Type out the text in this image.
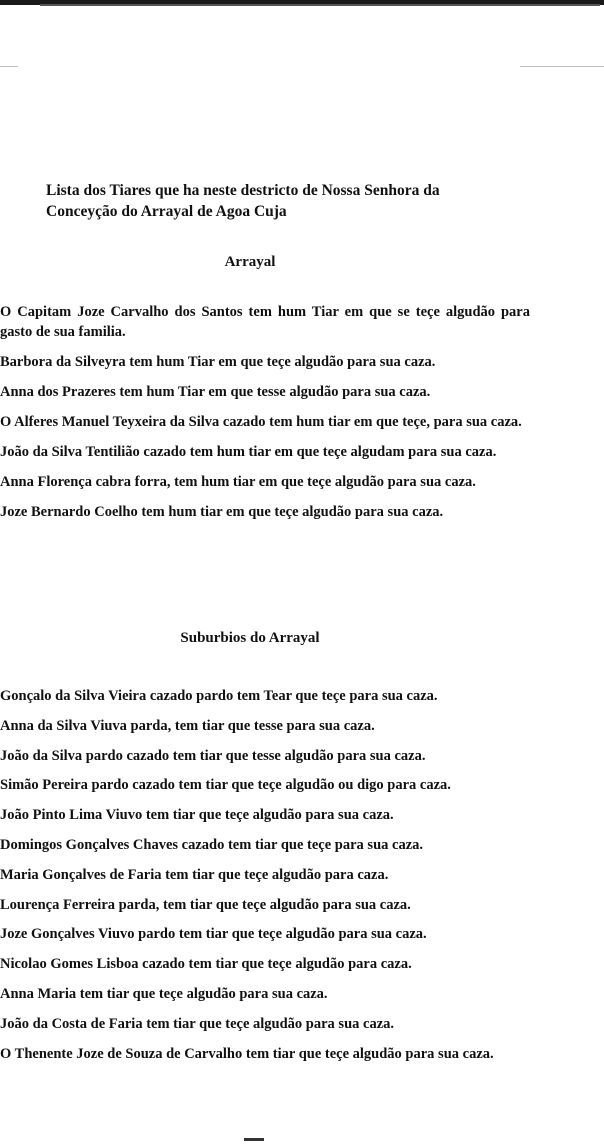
Lista dos Tiares que ha neste destricto de Nossa Senhora da Conceyção do Arrayal de Agoa Cuja

Arrayal

O Capitam Joze Carvalho dos Santos tem hum Tiar em que se teçe algudão para gasto de sua familia.
Barbora da Silveyra tem hum Tiar em que teçe algudão para sua caza.
Anna dos Prazeres tem hum Tiar em que tesse algudão para sua caza.
O Alferes Manuel Teyxeira da Silva cazado tem hum tiar em que teçe, para sua caza.
João da Silva Tentilião cazado tem hum tiar em que teçe algudam para sua caza.
Anna Florença cabra forra, tem hum tiar em que teçe algudão para sua caza.
Joze Bernardo Coelho tem hum tiar em que teçe algudão para sua caza.

Suburbios do Arrayal

Gonçalo da Silva Vieira cazado pardo tem Tear que teçe para sua caza.
Anna da Silva Viuva parda, tem tiar que tesse para sua caza.
João da Silva pardo cazado tem tiar que tesse algudão para sua caza.
Simão Pereira pardo cazado tem tiar que teçe algudão ou digo para caza.
João Pinto Lima Viuvo tem tiar que teçe algudão para sua caza.
Domingos Gonçalves Chaves cazado tem tiar que teçe para sua caza.
Maria Gonçalves de Faria tem tiar que teçe algudão para caza.
Lourença Ferreira parda, tem tiar que teçe algudão para sua caza.
Joze Gonçalves Viuvo pardo tem tiar que teçe algudão para sua caza.
Nicolao Gomes Lisboa cazado tem tiar que teçe algudão para caza.
Anna Maria tem tiar que teçe algudão para sua caza.
João da Costa de Faria tem tiar que teçe algudão para sua caza.
O Thenente Joze de Souza de Carvalho tem tiar que teçe algudão para sua caza.
